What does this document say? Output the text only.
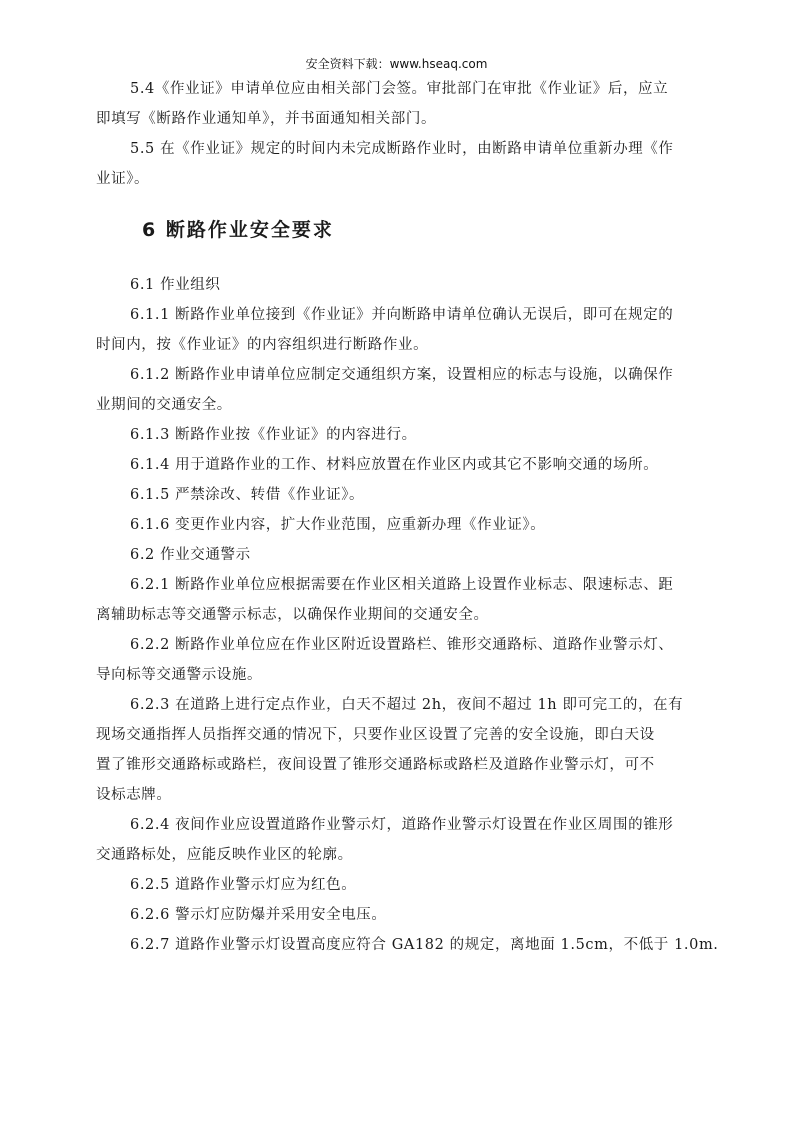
安全资料下载：www.hseaq.com
5.4《作业证》申请单位应由相关部门会签。审批部门在审批《作业证》后，应立
即填写《断路作业通知单》，并书面通知相关部门。
5.5 在《作业证》规定的时间内未完成断路作业时，由断路申请单位重新办理《作
业证》。
6 断路作业安全要求
6.1 作业组织
6.1.1 断路作业单位接到《作业证》并向断路申请单位确认无误后，即可在规定的
时间内，按《作业证》的内容组织进行断路作业。
6.1.2 断路作业申请单位应制定交通组织方案，设置相应的标志与设施，以确保作
业期间的交通安全。
6.1.3 断路作业按《作业证》的内容进行。
6.1.4 用于道路作业的工作、材料应放置在作业区内或其它不影响交通的场所。
6.1.5 严禁涂改、转借《作业证》。
6.1.6 变更作业内容，扩大作业范围，应重新办理《作业证》。
6.2 作业交通警示
6.2.1 断路作业单位应根据需要在作业区相关道路上设置作业标志、限速标志、距
离辅助标志等交通警示标志，以确保作业期间的交通安全。
6.2.2 断路作业单位应在作业区附近设置路栏、锥形交通路标、道路作业警示灯、
导向标等交通警示设施。
6.2.3 在道路上进行定点作业，白天不超过 2h，夜间不超过 1h 即可完工的，在有
现场交通指挥人员指挥交通的情况下，只要作业区设置了完善的安全设施，即白天设
置了锥形交通路标或路栏，夜间设置了锥形交通路标或路栏及道路作业警示灯，可不
设标志牌。
6.2.4 夜间作业应设置道路作业警示灯，道路作业警示灯设置在作业区周围的锥形
交通路标处，应能反映作业区的轮廓。
6.2.5 道路作业警示灯应为红色。
6.2.6 警示灯应防爆并采用安全电压。
6.2.7 道路作业警示灯设置高度应符合 GA182 的规定，离地面 1.5cm，不低于 1.0m.
